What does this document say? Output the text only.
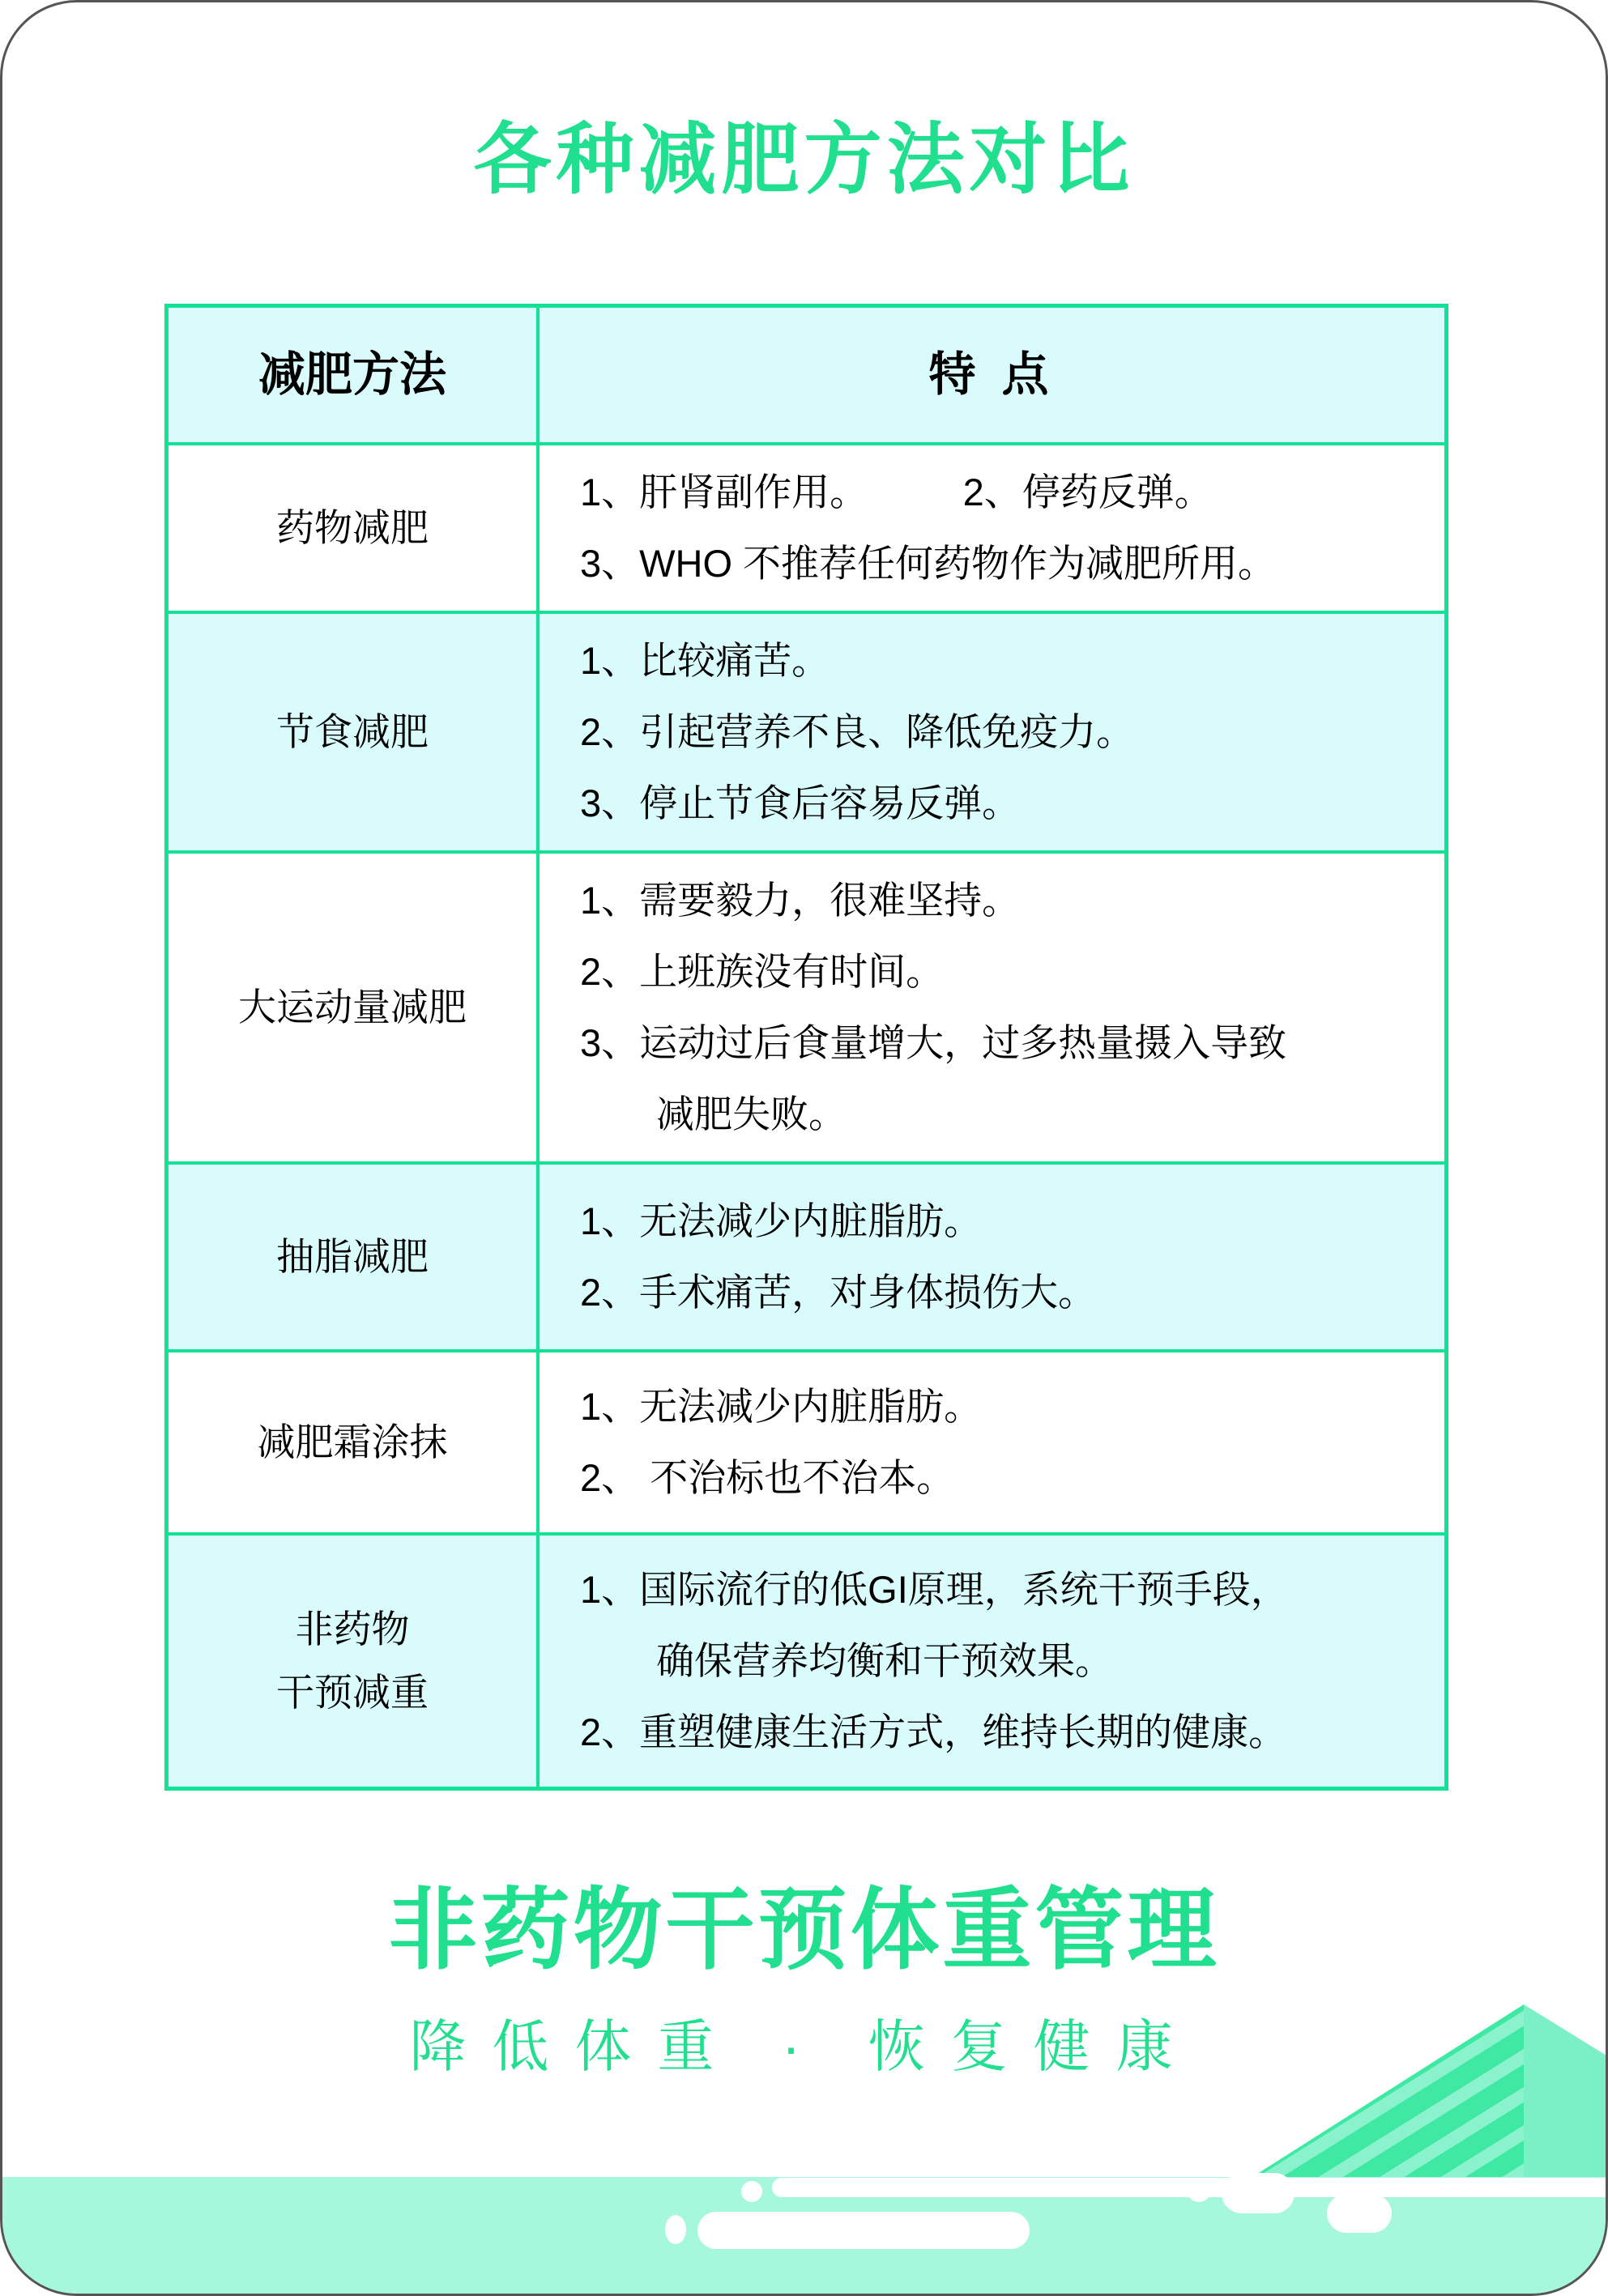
各种减肥方法对比
减肥方法	特 点
药物减肥
1、肝肾副作用。　　　2、停药反弹。
3、WHO 不推荐任何药物作为减肥所用。
节食减肥
1、比较痛苦。
2、引起营养不良、降低免疫力。
3、停止节食后容易反弹。
大运动量减肥
1、需要毅力，很难坚持。
2、上班族没有时间。
3、运动过后食量增大，过多热量摄入导致
　　减肥失败。
抽脂减肥
1、无法减少内脏脂肪。
2、手术痛苦，对身体损伤大。
减肥霜涂抹
1、无法减少内脏脂肪。
2、 不治标也不治本。
非药物
干预减重
1、国际流行的低GI原理，系统干预手段，
　　确保营养均衡和干预效果。
2、重塑健康生活方式，维持长期的健康。
非药物干预体重管理
降低体重 · 恢复健康
